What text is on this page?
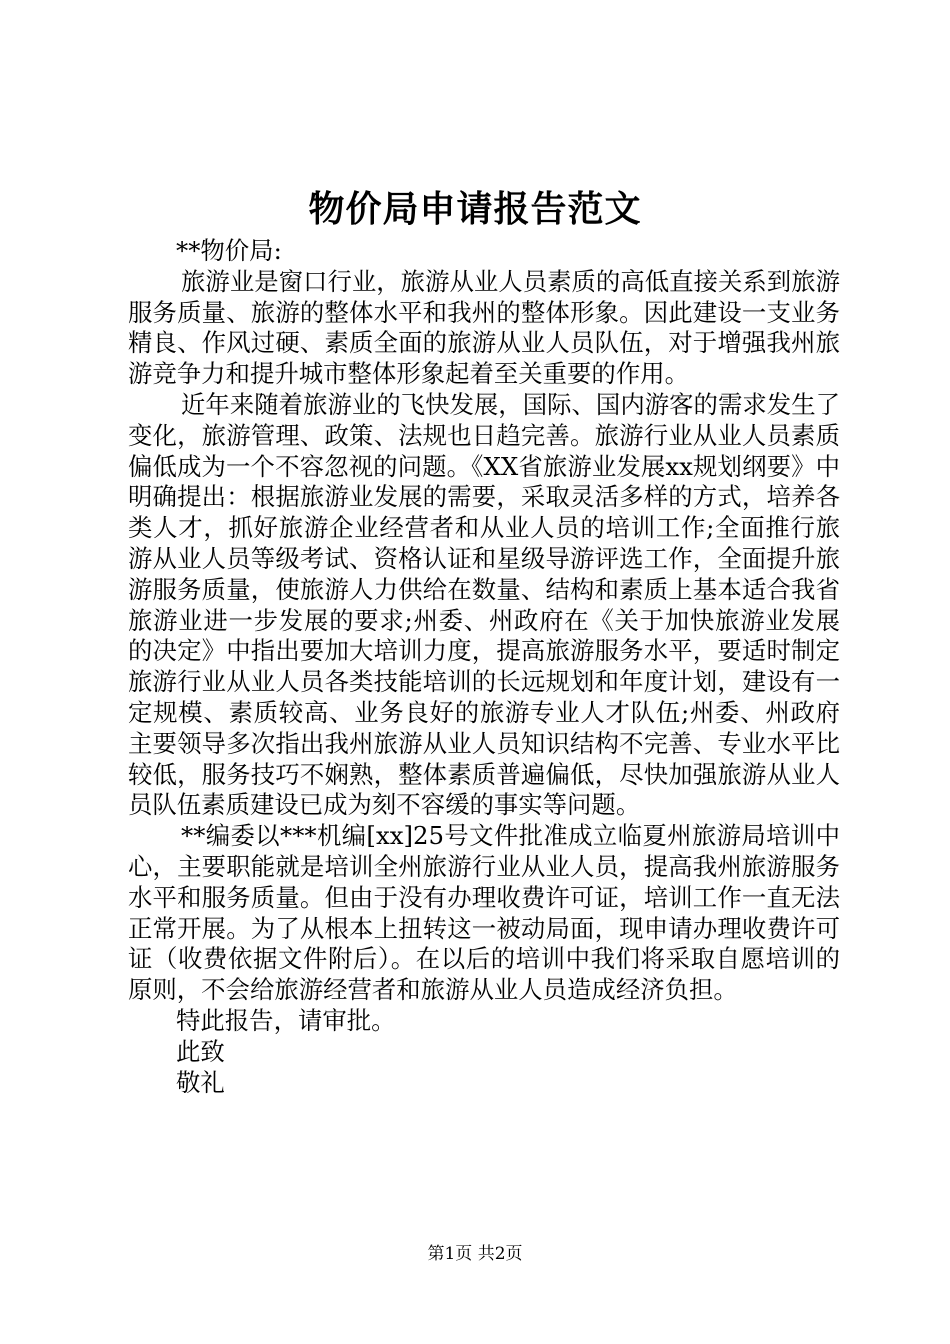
物价局申请报告范文

**物价局:

旅游业是窗口行业，旅游从业人员素质的高低直接关系到旅游服务质量、旅游的整体水平和我州的整体形象。因此建设一支业务精良、作风过硬、素质全面的旅游从业人员队伍，对于增强我州旅游竞争力和提升城市整体形象起着至关重要的作用。

近年来随着旅游业的飞快发展，国际、国内游客的需求发生了变化，旅游管理、政策、法规也日趋完善。旅游行业从业人员素质偏低成为一个不容忽视的问题。《XX省旅游业发展xx规划纲要》中明确提出：根据旅游业发展的需要，采取灵活多样的方式，培养各类人才，抓好旅游企业经营者和从业人员的培训工作;全面推行旅游从业人员等级考试、资格认证和星级导游评选工作，全面提升旅游服务质量，使旅游人力供给在数量、结构和素质上基本适合我省旅游业进一步发展的要求;州委、州政府在《关于加快旅游业发展的决定》中指出要加大培训力度，提高旅游服务水平，要适时制定旅游行业从业人员各类技能培训的长远规划和年度计划，建设有一定规模、素质较高、业务良好的旅游专业人才队伍;州委、州政府主要领导多次指出我州旅游从业人员知识结构不完善、专业水平比较低，服务技巧不娴熟，整体素质普遍偏低，尽快加强旅游从业人员队伍素质建设已成为刻不容缓的事实等问题。

**编委以***机编[xx]25号文件批准成立临夏州旅游局培训中心，主要职能就是培训全州旅游行业从业人员，提高我州旅游服务水平和服务质量。但由于没有办理收费许可证，培训工作一直无法正常开展。为了从根本上扭转这一被动局面，现申请办理收费许可证（收费依据文件附后）。在以后的培训中我们将采取自愿培训的原则，不会给旅游经营者和旅游从业人员造成经济负担。

特此报告，请审批。

此致

敬礼

第1页 共2页
